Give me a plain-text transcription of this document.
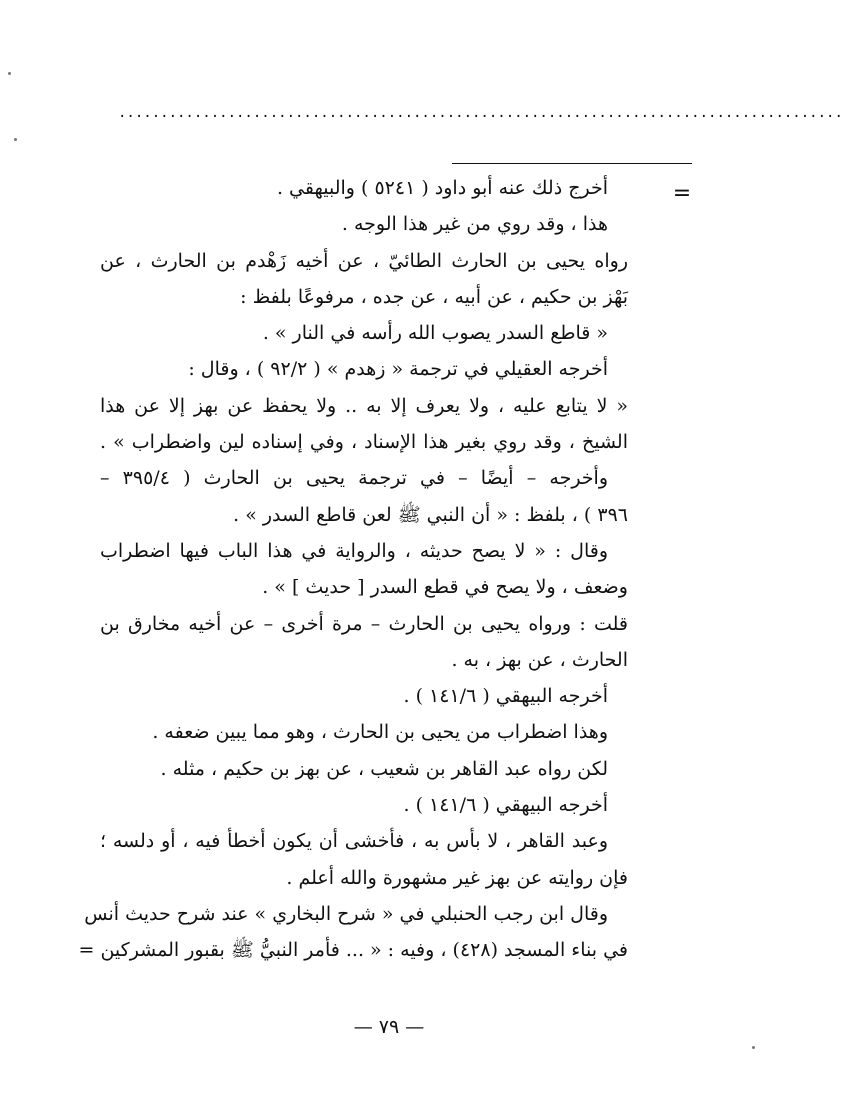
......................................................................................
=
أخرج ذلك عنه أبو داود ( ٥٢٤١ ) والبيهقي .
هذا ، وقد روي من غير هذا الوجه .
رواه يحيى بن الحارث الطائيّ ، عن أخيه زَهْدم بن الحارث ، عن
بَهْز بن حكيم ، عن أبيه ، عن جده ، مرفوعًا بلفظ :
« قاطع السدر يصوب الله رأسه في النار » .
أخرجه العقيلي في ترجمة « زهدم » ( ٩٢/٢ ) ، وقال :
« لا يتابع عليه ، ولا يعرف إلا به .. ولا يحفظ عن بهز إلا عن هذا
الشيخ ، وقد روي بغير هذا الإسناد ، وفي إسناده لين واضطراب » .
وأخرجه – أيضًا – في ترجمة يحيى بن الحارث ( ٣٩٥/٤ –
٣٩٦ ) ، بلفظ : « أن النبي ﷺ لعن قاطع السدر » .
وقال : « لا يصح حديثه ، والرواية في هذا الباب فيها اضطراب
وضعف ، ولا يصح في قطع السدر [ حديث ] » .
قلت : ورواه يحيى بن الحارث – مرة أخرى – عن أخيه مخارق بن
الحارث ، عن بهز ، به .
أخرجه البيهقي ( ١٤١/٦ ) .
وهذا اضطراب من يحيى بن الحارث ، وهو مما يبين ضعفه .
لكن رواه عبد القاهر بن شعيب ، عن بهز بن حكيم ، مثله .
أخرجه البيهقي ( ١٤١/٦ ) .
وعبد القاهر ، لا بأس به ، فأخشى أن يكون أخطأ فيه ، أو دلسه ؛
فإن روايته عن بهز غير مشهورة والله أعلم .
وقال ابن رجب الحنبلي في « شرح البخاري » عند شرح حديث أنس
في بناء المسجد (٤٢٨) ، وفيه : « ... فأمر النبيُّ ﷺ بقبور المشركين =
— ٧٩ —
